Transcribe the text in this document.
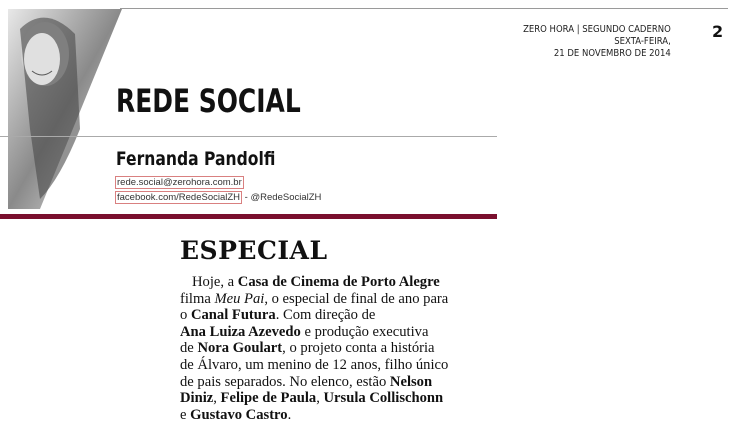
ZERO HORA | SEGUNDO CADERNO
SEXTA-FEIRA,
21 DE NOVEMBRO DE 2014
2
REDE SOCIAL
Fernanda Pandolfi
rede.social@zerohora.com.br
facebook.com/RedeSocialZH - @RedeSocialZH
ESPECIAL
Hoje, a Casa de Cinema de Porto Alegre
filma Meu Pai, o especial de final de ano para
o Canal Futura. Com direção de
Ana Luiza Azevedo e produção executiva
de Nora Goulart, o projeto conta a história
de Álvaro, um menino de 12 anos, filho único
de pais separados. No elenco, estão Nelson
Diniz, Felipe de Paula, Ursula Collischonn
e Gustavo Castro.
